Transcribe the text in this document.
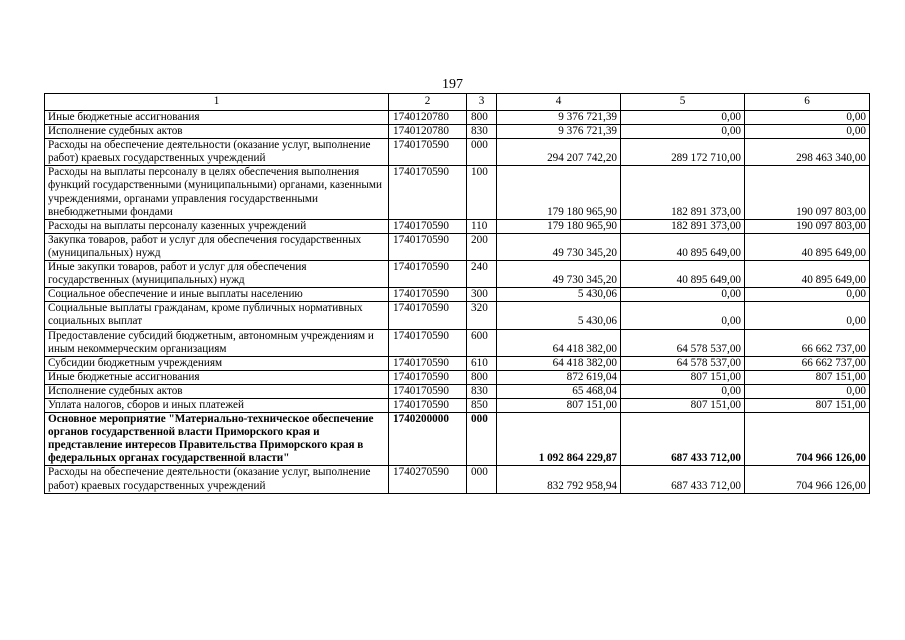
197
1	2	3	4	5	6
Иные бюджетные ассигнования	1740120780	800	9 376 721,39	0,00	0,00
Исполнение судебных актов	1740120780	830	9 376 721,39	0,00	0,00
Расходы на обеспечение деятельности (оказание услуг, выполнение работ) краевых государственных учреждений	1740170590	000	294 207 742,20	289 172 710,00	298 463 340,00
Расходы на выплаты персоналу в целях обеспечения выполнения функций государственными (муниципальными) органами, казенными учреждениями, органами управления государственными внебюджетными фондами	1740170590	100	179 180 965,90	182 891 373,00	190 097 803,00
Расходы на выплаты персоналу казенных учреждений	1740170590	110	179 180 965,90	182 891 373,00	190 097 803,00
Закупка товаров, работ и услуг для обеспечения государственных (муниципальных) нужд	1740170590	200	49 730 345,20	40 895 649,00	40 895 649,00
Иные закупки товаров, работ и услуг для обеспечения государственных (муниципальных) нужд	1740170590	240	49 730 345,20	40 895 649,00	40 895 649,00
Социальное обеспечение и иные выплаты населению	1740170590	300	5 430,06	0,00	0,00
Социальные выплаты гражданам, кроме публичных нормативных социальных выплат	1740170590	320	5 430,06	0,00	0,00
Предоставление субсидий бюджетным, автономным учреждениям и иным некоммерческим организациям	1740170590	600	64 418 382,00	64 578 537,00	66 662 737,00
Субсидии бюджетным учреждениям	1740170590	610	64 418 382,00	64 578 537,00	66 662 737,00
Иные бюджетные ассигнования	1740170590	800	872 619,04	807 151,00	807 151,00
Исполнение судебных актов	1740170590	830	65 468,04	0,00	0,00
Уплата налогов, сборов и иных платежей	1740170590	850	807 151,00	807 151,00	807 151,00
Основное мероприятие "Материально-техническое обеспечение органов государственной власти Приморского края и представление интересов Правительства Приморского края в федеральных органах государственной власти"	1740200000	000	1 092 864 229,87	687 433 712,00	704 966 126,00
Расходы на обеспечение деятельности (оказание услуг, выполнение работ) краевых государственных учреждений	1740270590	000	832 792 958,94	687 433 712,00	704 966 126,00
